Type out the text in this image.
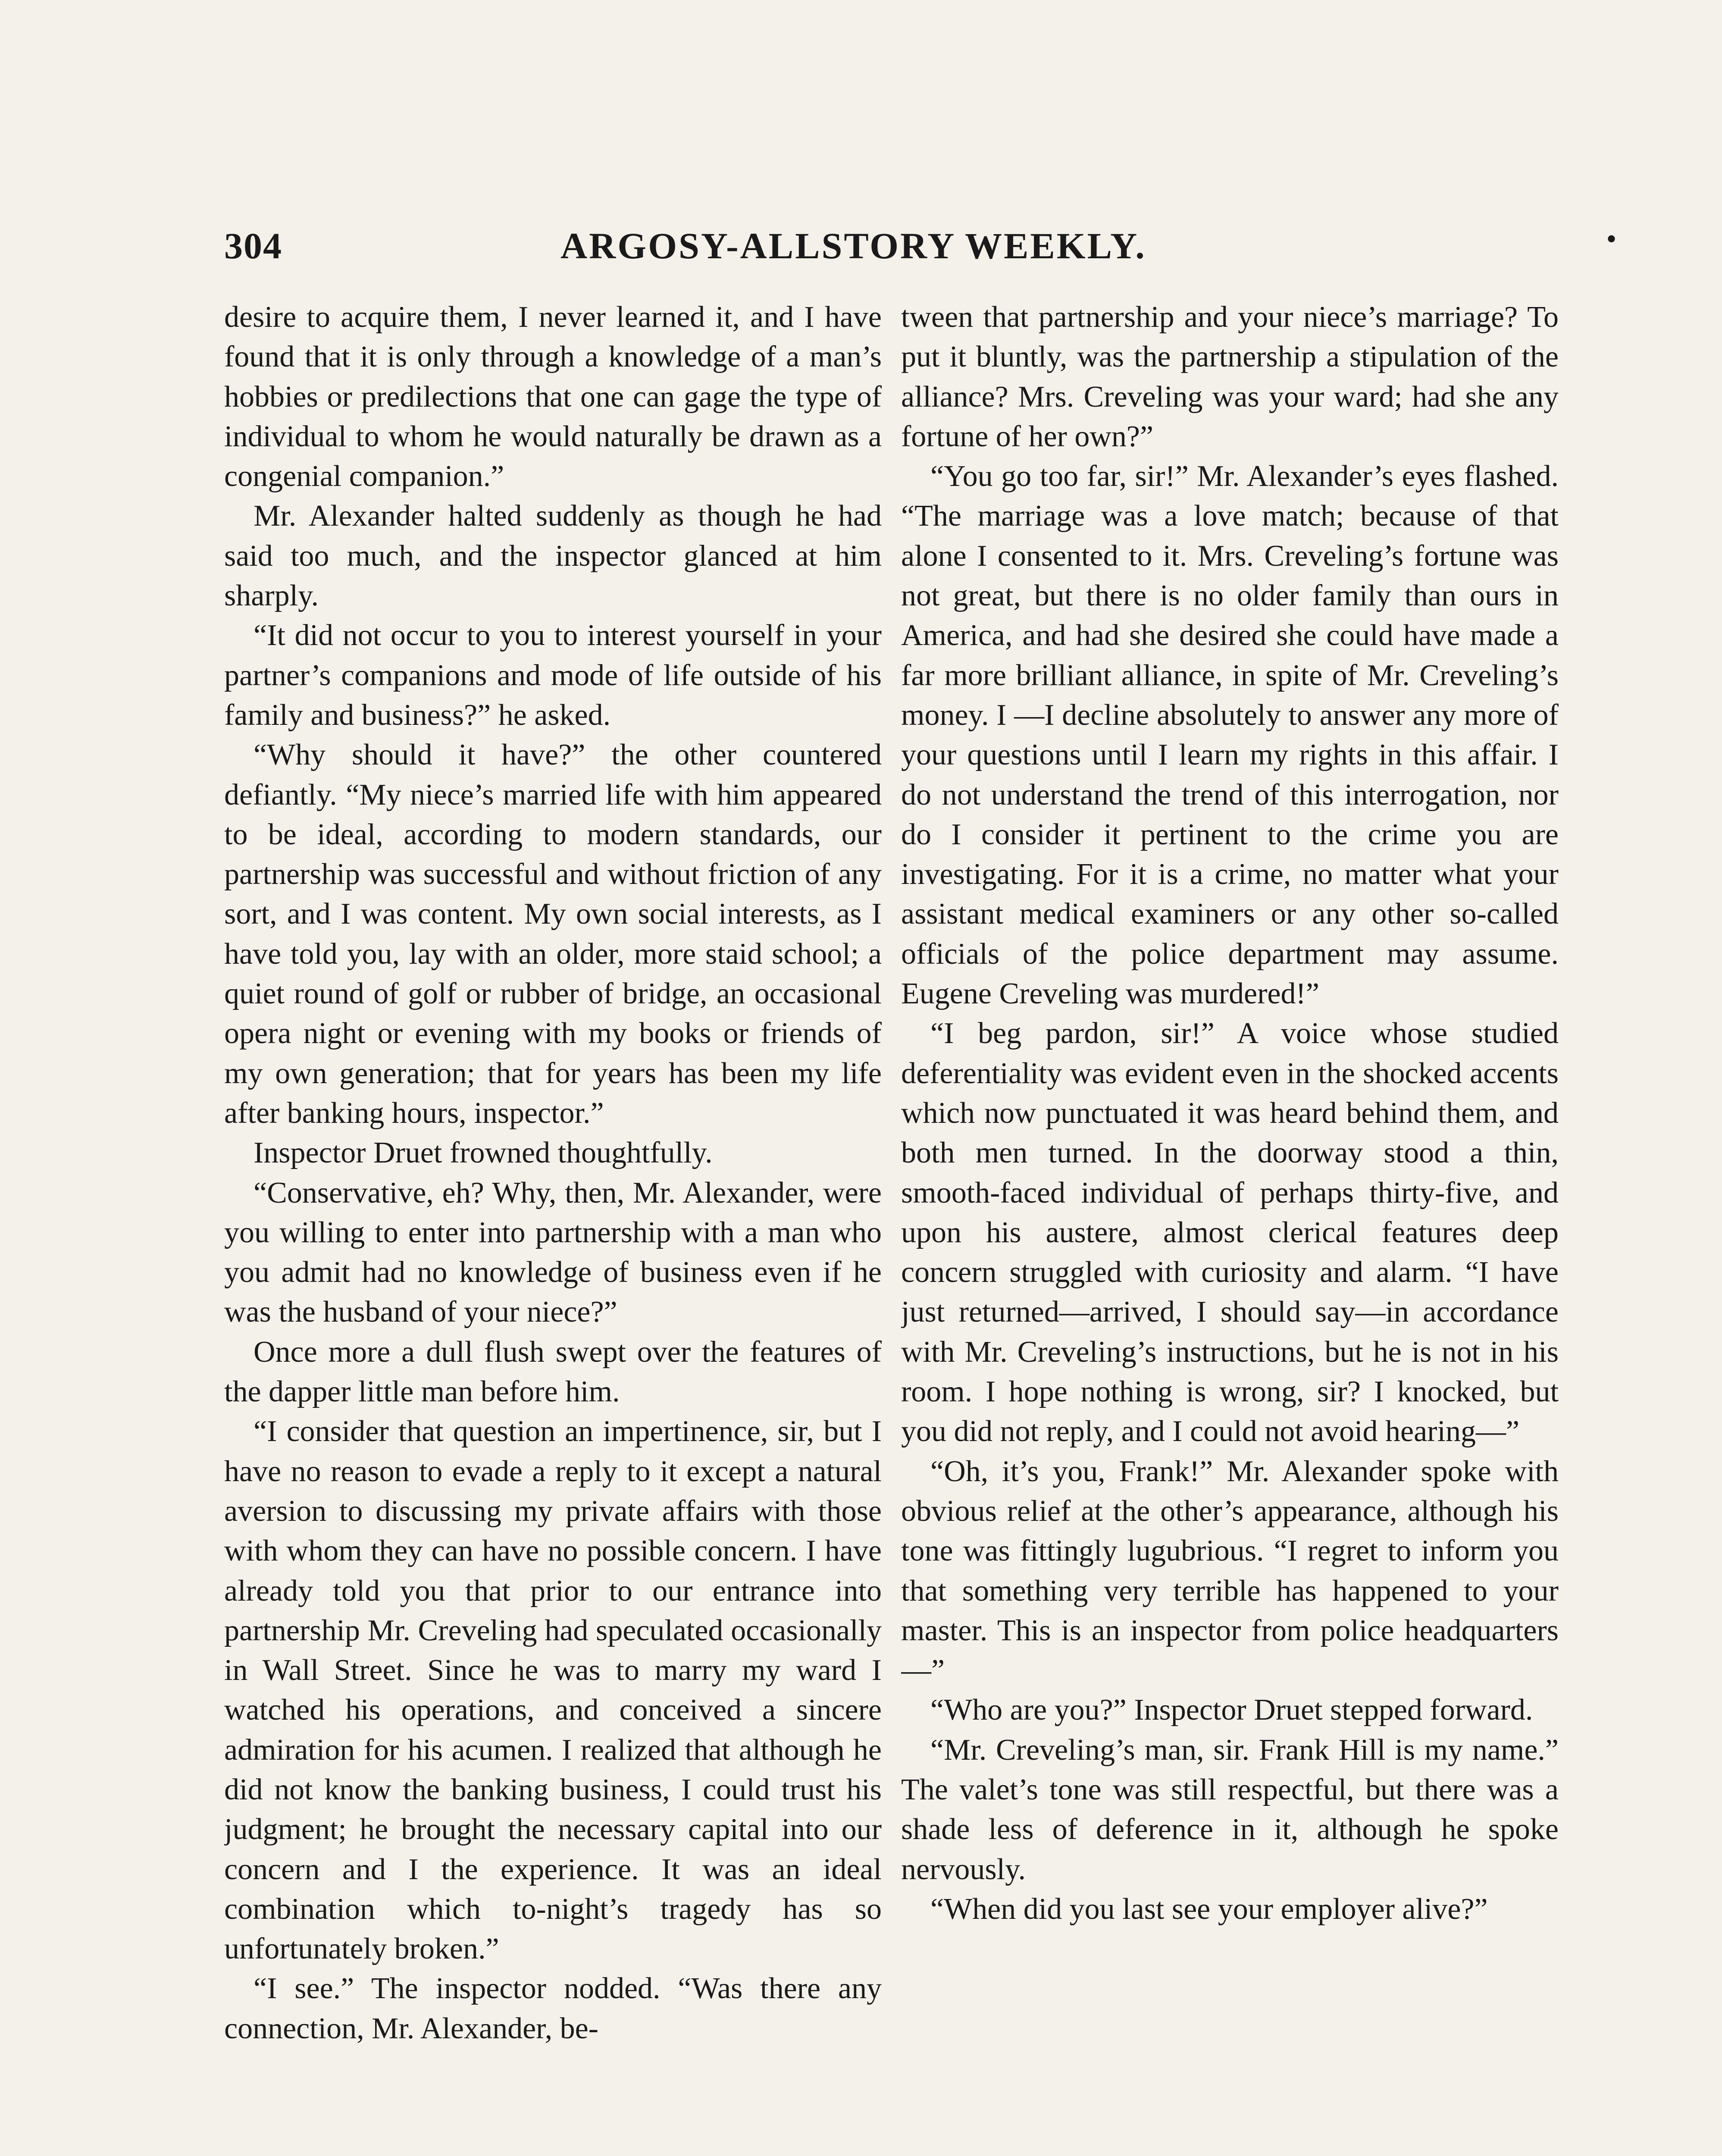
304	ARGOSY-ALLSTORY WEEKLY.	•

desire to acquire them, I never learned it, and I have found that it is only through a knowledge of a man’s hobbies or predilections that one can gage the type of individual to whom he would naturally be drawn as a congenial companion.”

Mr. Alexander halted suddenly as though he had said too much, and the inspector glanced at him sharply.

“It did not occur to you to interest yourself in your partner’s companions and mode of life outside of his family and business?” he asked.

“Why should it have?” the other countered defiantly. “My niece’s married life with him appeared to be ideal, according to modern standards, our partnership was successful and without friction of any sort, and I was content. My own social interests, as I have told you, lay with an older, more staid school; a quiet round of golf or rubber of bridge, an occasional opera night or evening with my books or friends of my own generation; that for years has been my life after banking hours, inspector.”

Inspector Druet frowned thoughtfully.

“Conservative, eh? Why, then, Mr. Alexander, were you willing to enter into partnership with a man who you admit had no knowledge of business even if he was the husband of your niece?”

Once more a dull flush swept over the features of the dapper little man before him.

“I consider that question an impertinence, sir, but I have no reason to evade a reply to it except a natural aversion to discussing my private affairs with those with whom they can have no possible concern. I have already told you that prior to our entrance into partnership Mr. Creveling had speculated occasionally in Wall Street. Since he was to marry my ward I watched his operations, and conceived a sincere admiration for his acumen. I realized that although he did not know the banking business, I could trust his judgment; he brought the necessary capital into our concern and I the experience. It was an ideal combination which to-night’s tragedy has so unfortunately broken.”

“I see.” The inspector nodded. “Was there any connection, Mr. Alexander, be-

tween that partnership and your niece’s marriage? To put it bluntly, was the partnership a stipulation of the alliance? Mrs. Creveling was your ward; had she any fortune of her own?”

“You go too far, sir!” Mr. Alexander’s eyes flashed. “The marriage was a love match; because of that alone I consented to it. Mrs. Creveling’s fortune was not great, but there is no older family than ours in America, and had she desired she could have made a far more brilliant alliance, in spite of Mr. Creveling’s money. I —I decline absolutely to answer any more of your questions until I learn my rights in this affair. I do not understand the trend of this interrogation, nor do I consider it pertinent to the crime you are investigating. For it is a crime, no matter what your assistant medical examiners or any other so-called officials of the police department may assume. Eugene Creveling was murdered!”

“I beg pardon, sir!” A voice whose studied deferentiality was evident even in the shocked accents which now punctuated it was heard behind them, and both men turned. In the doorway stood a thin, smooth-faced individual of perhaps thirty-five, and upon his austere, almost clerical features deep concern struggled with curiosity and alarm. “I have just returned—arrived, I should say—in accordance with Mr. Creveling’s instructions, but he is not in his room. I hope nothing is wrong, sir? I knocked, but you did not reply, and I could not avoid hearing—”

“Oh, it’s you, Frank!” Mr. Alexander spoke with obvious relief at the other’s appearance, although his tone was fittingly lugubrious. “I regret to inform you that something very terrible has happened to your master. This is an inspector from police headquarters—”

“Who are you?” Inspector Druet stepped forward.

“Mr. Creveling’s man, sir. Frank Hill is my name.” The valet’s tone was still respectful, but there was a shade less of deference in it, although he spoke nervously.

“When did you last see your employer alive?”
